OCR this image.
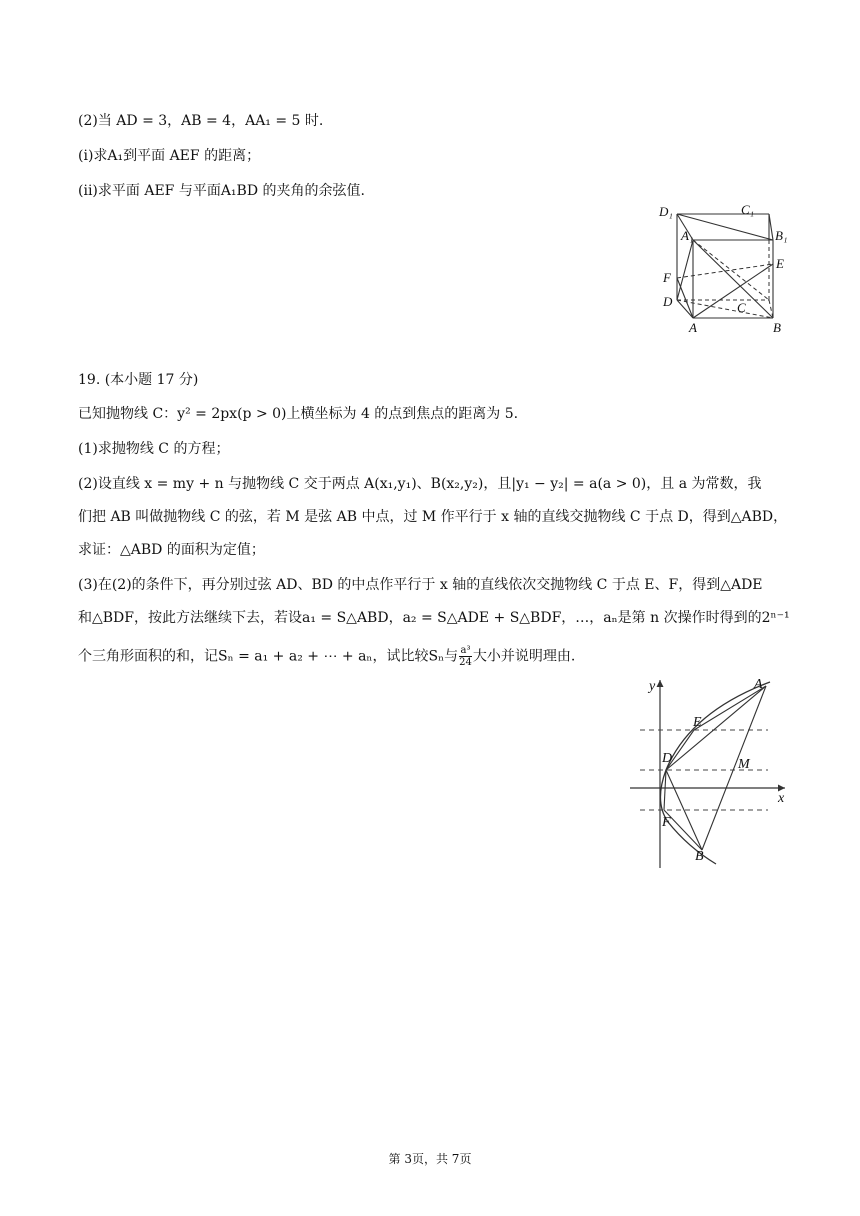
(2)当 AD = 3，AB = 4，AA₁ = 5 时.
(i)求A₁到平面 AEF 的距离；
(ii)求平面 AEF 与平面A₁BD 的夹角的余弦值.
D₁	C₁
A₁	B₁
E
F
D	C
A	B
19. (本小题 17 分)
已知抛物线 C：y² = 2px(p > 0)上横坐标为 4 的点到焦点的距离为 5.
(1)求抛物线 C 的方程；
(2)设直线 x = my + n 与抛物线 C 交于两点 A(x₁,y₁)、B(x₂,y₂)，且|y₁ − y₂| = a(a > 0)，且 a 为常数，我
们把 AB 叫做抛物线 C 的弦，若 M 是弦 AB 中点，过 M 作平行于 x 轴的直线交抛物线 C 于点 D，得到△ABD，
求证：△ABD 的面积为定值；
(3)在(2)的条件下，再分别过弦 AD、BD 的中点作平行于 x 轴的直线依次交抛物线 C 于点 E、F，得到△ADE
和△BDF，按此方法继续下去，若设a₁ = S△ABD，a₂ = S△ADE + S△BDF，…，aₙ是第 n 次操作时得到的2ⁿ⁻¹
个三角形面积的和，记Sₙ = a₁ + a₂ + ⋯ + aₙ，试比较Sₙ与 $\frac{\text{a³}}{24}$ 大小并说明理由.
y	A
E
D	M
x
F
B
第 3页，共 7页
